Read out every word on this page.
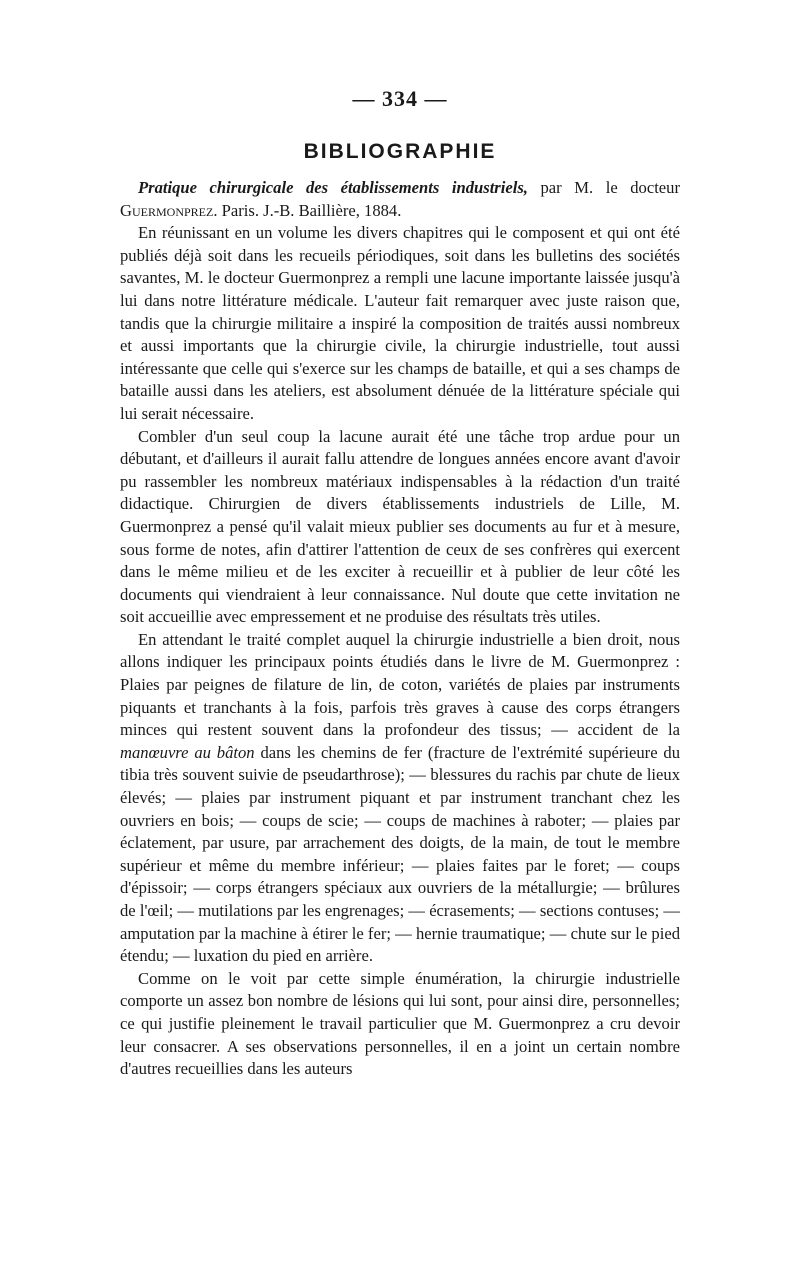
— 334 —
BIBLIOGRAPHIE

Pratique chirurgicale des établissements industriels, par M. le docteur Guermonprez. Paris. J.-B. Baillière, 1884.

En réunissant en un volume les divers chapitres qui le composent et qui ont été publiés déjà soit dans les recueils périodiques, soit dans les bulletins des sociétés savantes, M. le docteur Guermonprez a rempli une lacune importante laissée jusqu'à lui dans notre littérature médicale. L'auteur fait remarquer avec juste raison que, tandis que la chirurgie militaire a inspiré la composition de traités aussi nombreux et aussi importants que la chirurgie civile, la chirurgie industrielle, tout aussi intéressante que celle qui s'exerce sur les champs de bataille, et qui a ses champs de bataille aussi dans les ateliers, est absolument dénuée de la littérature spéciale qui lui serait nécessaire.

Combler d'un seul coup la lacune aurait été une tâche trop ardue pour un débutant, et d'ailleurs il aurait fallu attendre de longues années encore avant d'avoir pu rassembler les nombreux matériaux indispensables à la rédaction d'un traité didactique. Chirurgien de divers établissements industriels de Lille, M. Guermonprez a pensé qu'il valait mieux publier ses documents au fur et à mesure, sous forme de notes, afin d'attirer l'attention de ceux de ses confrères qui exercent dans le même milieu et de les exciter à recueillir et à publier de leur côté les documents qui viendraient à leur connaissance. Nul doute que cette invitation ne soit accueillie avec empressement et ne produise des résultats très utiles.

En attendant le traité complet auquel la chirurgie industrielle a bien droit, nous allons indiquer les principaux points étudiés dans le livre de M. Guermonprez : Plaies par peignes de filature de lin, de coton, variétés de plaies par instruments piquants et tranchants à la fois, parfois très graves à cause des corps étrangers minces qui restent souvent dans la profondeur des tissus; — accident de la manœuvre au bâton dans les chemins de fer (fracture de l'extrémité supérieure du tibia très souvent suivie de pseudarthrose); — blessures du rachis par chute de lieux élevés; — plaies par instrument piquant et par instrument tranchant chez les ouvriers en bois; — coups de scie; — coups de machines à raboter; — plaies par éclatement, par usure, par arrachement des doigts, de la main, de tout le membre supérieur et même du membre inférieur; — plaies faites par le foret; — coups d'épissoir; — corps étrangers spéciaux aux ouvriers de la métallurgie; — brûlures de l'œil; — mutilations par les engrenages; — écrasements; — sections contuses; — amputation par la machine à étirer le fer; — hernie traumatique; — chute sur le pied étendu; — luxation du pied en arrière.

Comme on le voit par cette simple énumération, la chirurgie industrielle comporte un assez bon nombre de lésions qui lui sont, pour ainsi dire, personnelles; ce qui justifie pleinement le travail particulier que M. Guermonprez a cru devoir leur consacrer. A ses observations personnelles, il en a joint un certain nombre d'autres recueillies dans les auteurs
